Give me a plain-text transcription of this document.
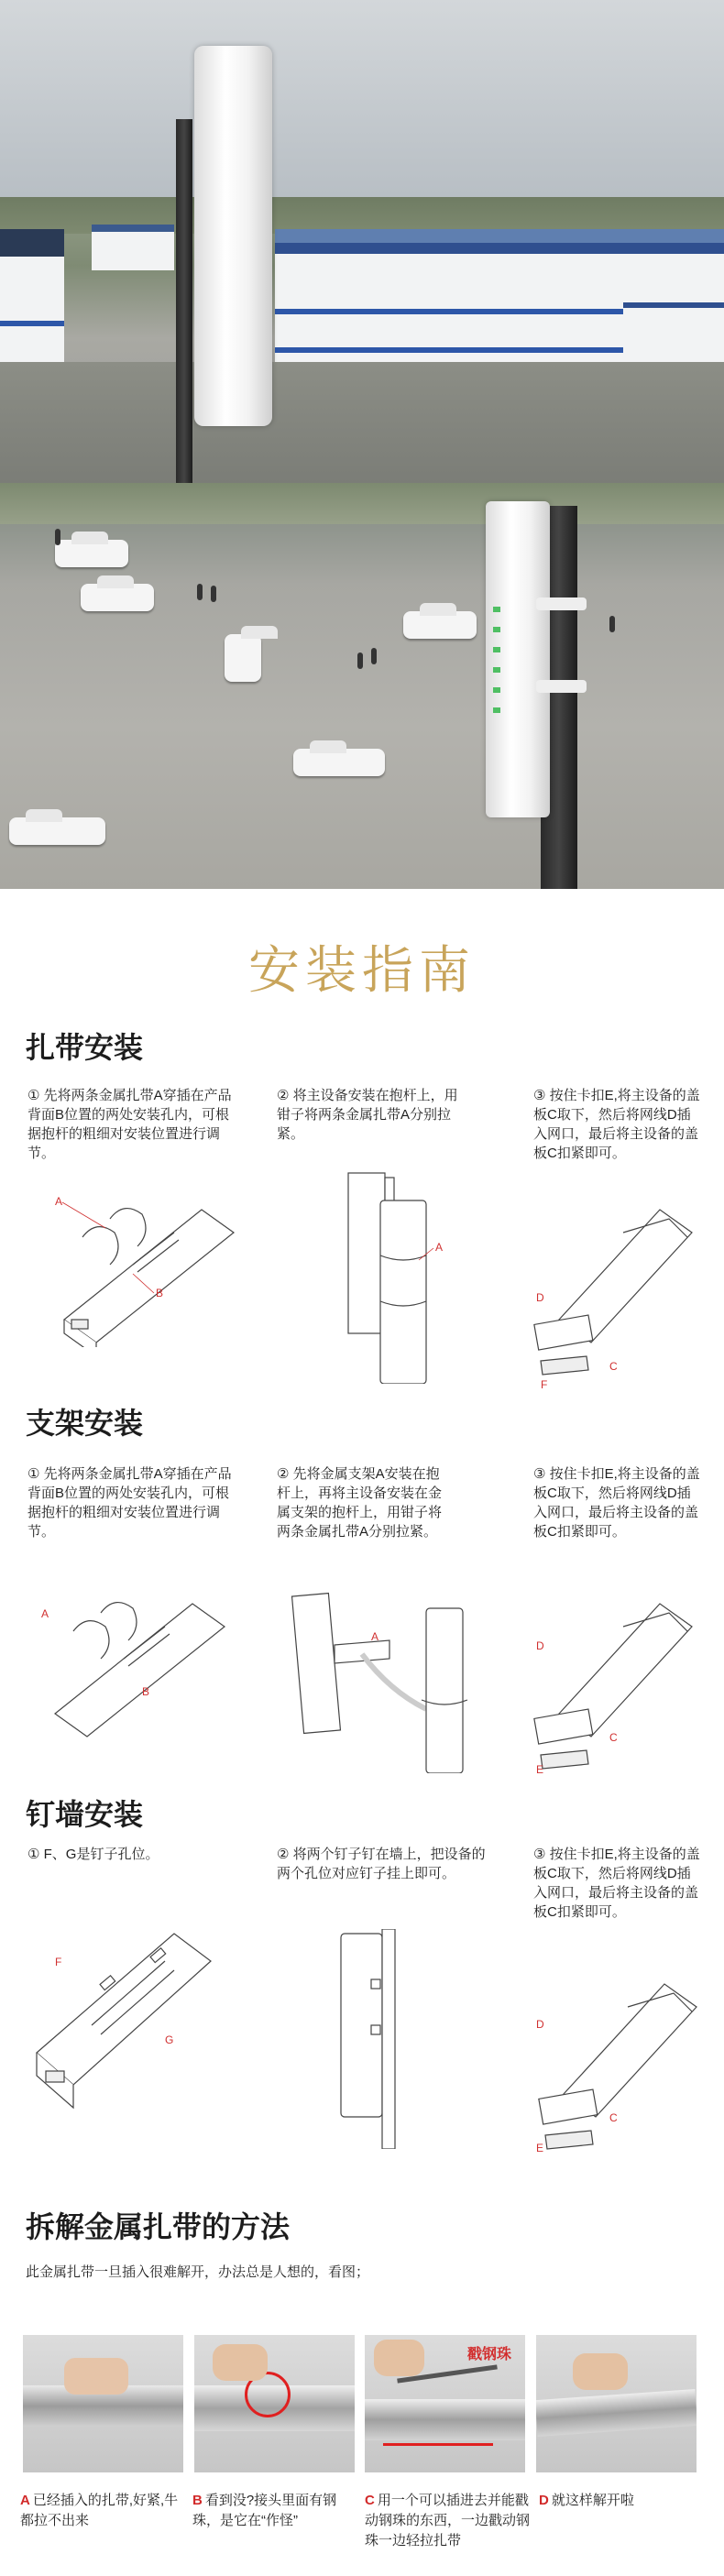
安装指南
扎带安装
① 先将两条金属扎带A穿插在产品背面B位置的两处安装孔内，可根据抱杆的粗细对安装位置进行调节。
② 将主设备安装在抱杆上，用钳子将两条金属扎带A分别拉紧。
③ 按住卡扣E,将主设备的盖板C取下，然后将网线D插入网口，最后将主设备的盖板C扣紧即可。
A
B
A
D
C
F
支架安装
① 先将两条金属扎带A穿插在产品背面B位置的两处安装孔内，可根据抱杆的粗细对安装位置进行调节。
② 先将金属支架A安装在抱杆上，再将主设备安装在金属支架的抱杆上，用钳子将两条金属扎带A分别拉紧。
③ 按住卡扣E,将主设备的盖板C取下，然后将网线D插入网口，最后将主设备的盖板C扣紧即可。
A
B
A
D
C
E
钉墙安装
① F、G是钉子孔位。	② 将两个钉子钉在墙上，把设备的两个孔位对应钉子挂上即可。
③ 按住卡扣E,将主设备的盖板C取下，然后将网线D插入网口，最后将主设备的盖板C扣紧即可。
F
G
D
C
E
拆解金属扎带的方法
此金属扎带一旦插入很难解开，办法总是人想的，看图；
戳钢珠
A 已经插入的扎带,好紧,牛都拉不出来
B 看到没?接头里面有钢珠，是它在“作怪”
C 用一个可以插进去并能戳动钢珠的东西，一边戳动钢珠一边轻拉扎带
D 就这样解开啦
